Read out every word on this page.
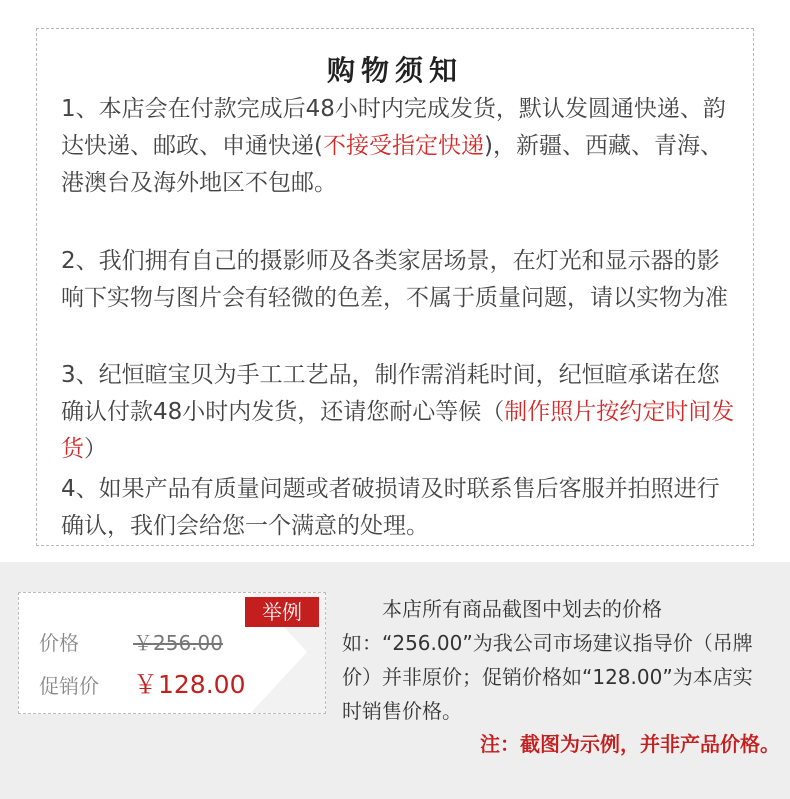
购物须知
1、本店会在付款完成后48小时内完成发货，默认发圆通快递、韵达快递、邮政、申通快递(不接受指定快递)，新疆、西藏、青海、港澳台及海外地区不包邮。
2、我们拥有自己的摄影师及各类家居场景，在灯光和显示器的影响下实物与图片会有轻微的色差，不属于质量问题，请以实物为准
3、纪恒暄宝贝为手工工艺品，制作需消耗时间，纪恒暄承诺在您确认付款48小时内发货，还请您耐心等候（制作照片按约定时间发货）
4、如果产品有质量问题或者破损请及时联系售后客服并拍照进行确认，我们会给您一个满意的处理。
举例
价格	￥256.00
促销价 ￥128.00
本店所有商品截图中划去的价格如：“256.00”为我公司市场建议指导价（吊牌价）并非原价；促销价格如“128.00”为本店实时销售价格。
注：截图为示例，并非产品价格。
